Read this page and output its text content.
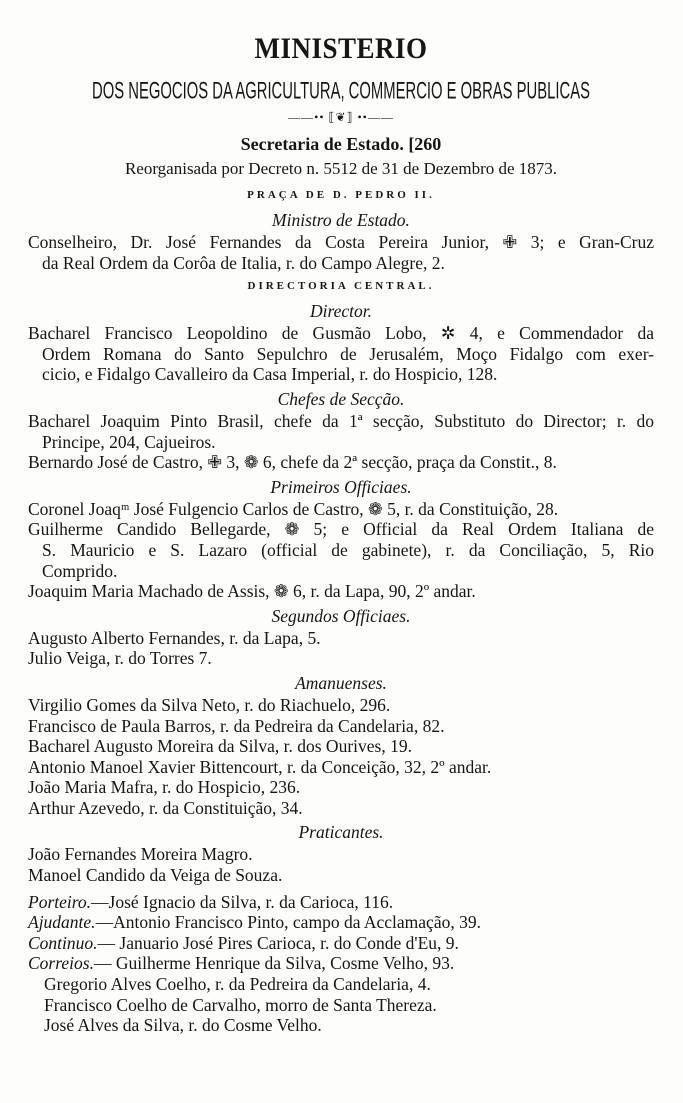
MINISTERIO
DOS NEGOCIOS DA AGRICULTURA, COMMERCIO E OBRAS PUBLICAS
——•• ⟦❦⟧ ••——
Secretaria de Estado. [260
Reorganisada por Decreto n. 5512 de 31 de Dezembro de 1873.
PRAÇA DE D. PEDRO II.
Ministro de Estado.
Conselheiro, Dr. José Fernandes da Costa Pereira Junior, ✙ 3; e Gran-Cruz
da Real Ordem da Corôa de Italia, r. do Campo Alegre, 2.
DIRECTORIA CENTRAL.
Director.
Bacharel Francisco Leopoldino de Gusmão Lobo, ✲ 4, e Commendador da
Ordem Romana do Santo Sepulchro de Jerusalém, Moço Fidalgo com exer-
cicio, e Fidalgo Cavalleiro da Casa Imperial, r. do Hospicio, 128.
Chefes de Secção.
Bacharel Joaquim Pinto Brasil, chefe da 1ª secção, Substituto do Director; r. do
Principe, 204, Cajueiros.
Bernardo José de Castro, ✙ 3, ❁ 6, chefe da 2ª secção, praça da Constit., 8.
Primeiros Officiaes.
Coronel Joaqᵐ José Fulgencio Carlos de Castro, ❁ 5, r. da Constituição, 28.
Guilherme Candido Bellegarde, ❁ 5; e Official da Real Ordem Italiana de
S. Mauricio e S. Lazaro (official de gabinete), r. da Conciliação, 5, Rio
Comprido.
Joaquim Maria Machado de Assis, ❁ 6, r. da Lapa, 90, 2º andar.
Segundos Officiaes.
Augusto Alberto Fernandes, r. da Lapa, 5.
Julio Veiga, r. do Torres 7.
Amanuenses.
Virgilio Gomes da Silva Neto, r. do Riachuelo, 296.
Francisco de Paula Barros, r. da Pedreira da Candelaria, 82.
Bacharel Augusto Moreira da Silva, r. dos Ourives, 19.
Antonio Manoel Xavier Bittencourt, r. da Conceição, 32, 2º andar.
João Maria Mafra, r. do Hospicio, 236.
Arthur Azevedo, r. da Constituição, 34.
Praticantes.
João Fernandes Moreira Magro.
Manoel Candido da Veiga de Souza.
Porteiro.—José Ignacio da Silva, r. da Carioca, 116.
Ajudante.—Antonio Francisco Pinto, campo da Acclamação, 39.
Continuo.— Januario José Pires Carioca, r. do Conde d'Eu, 9.
Correios.— Guilherme Henrique da Silva, Cosme Velho, 93.
Gregorio Alves Coelho, r. da Pedreira da Candelaria, 4.
Francisco Coelho de Carvalho, morro de Santa Thereza.
José Alves da Silva, r. do Cosme Velho.
